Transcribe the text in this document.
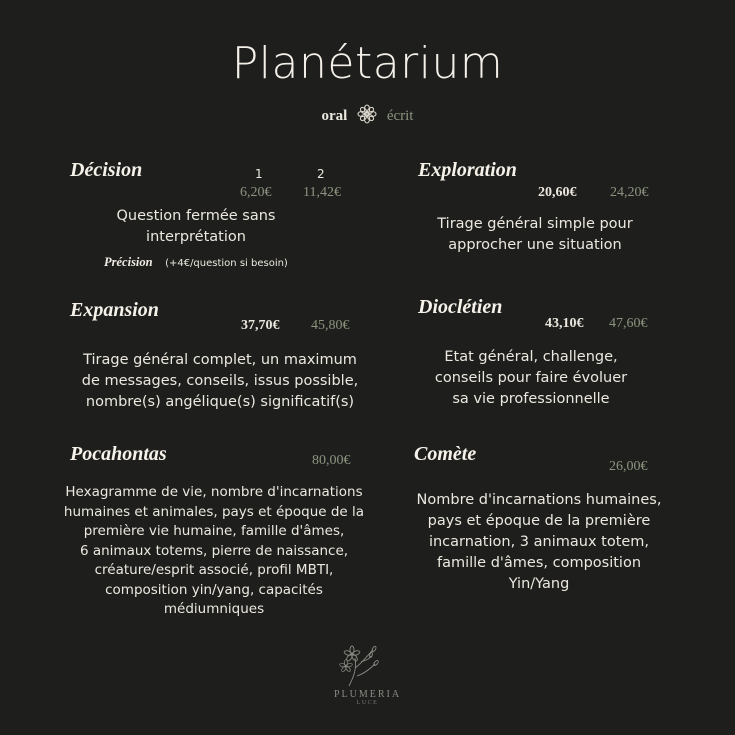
Planétarium
oral	écrit
Décision	1	2
6,20€ 11,42€
Question fermée sans
interprétation
Précision (+4€/question si besoin)
Exploration
20,60€ 24,20€
Tirage général simple pour
approcher une situation
Expansion
37,70€ 45,80€
Tirage général complet, un maximum
de messages, conseils, issus possible,
nombre(s) angélique(s) significatif(s)
Dioclétien
43,10€ 47,60€
Etat général, challenge,
conseils pour faire évoluer
sa vie professionnelle
Pocahontas	80,00€
Hexagramme de vie, nombre d'incarnations
humaines et animales, pays et époque de la
première vie humaine, famille d'âmes,
6 animaux totems, pierre de naissance,
créature/esprit associé, profil MBTI,
composition yin/yang, capacités
médiumniques
Comète
26,00€
Nombre d'incarnations humaines,
pays et époque de la première
incarnation, 3 animaux totem,
famille d'âmes, composition
Yin/Yang
PLUMERIA
LUCE
